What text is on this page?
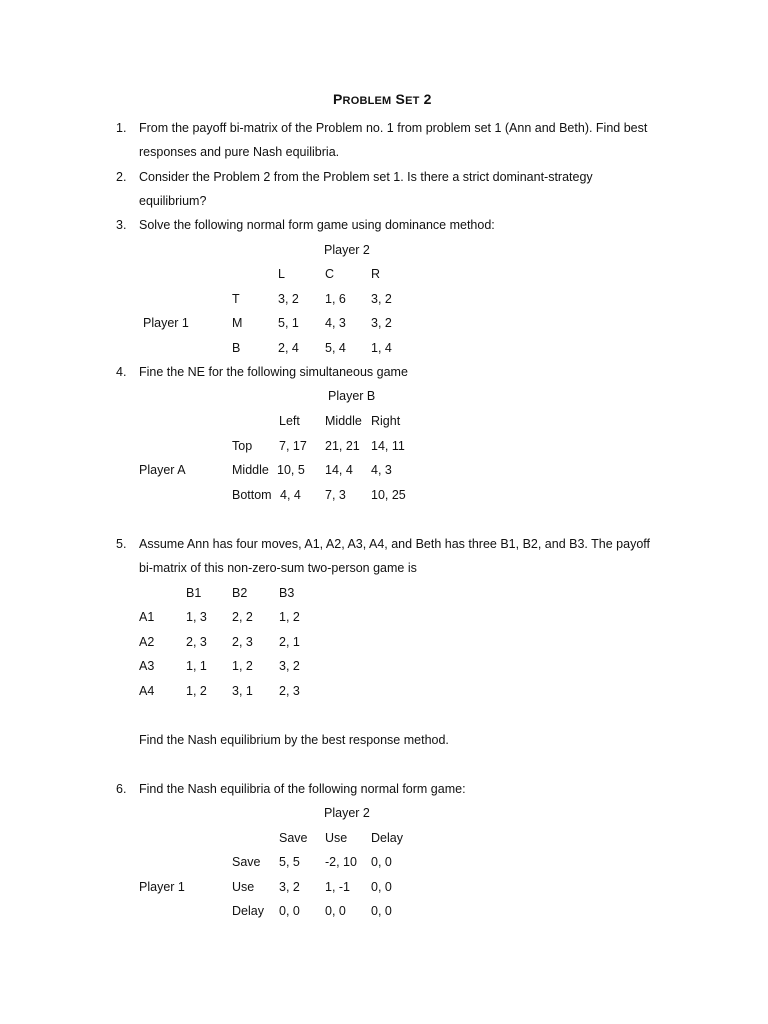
PROBLEM SET 2
1. From the payoff bi-matrix of the Problem no. 1 from problem set 1 (Ann and Beth). Find best
responses and pure Nash equilibria.
2. Consider the Problem 2 from the Problem set 1. Is there a strict dominant-strategy
equilibrium?
3. Solve the following normal form game using dominance method:
Player 2
L	C	R
Player 1
T	3, 2 1, 6 3, 2
M	5, 1 4, 3 3, 2
B	2, 4 5, 4 1, 4
4. Fine the NE for the following simultaneous game
Player B
Left Middle Right
Player A
Top 7, 17 21, 21 14, 11
Middle 10, 5 14, 4 4, 3
Bottom 4, 4 7, 3 10, 25
5. Assume Ann has four moves, A1, A2, A3, A4, and Beth has three B1, B2, and B3. The payoff
bi-matrix of this non-zero-sum two-person game is
B1 B2	B3
A1	1, 3 2, 2 1, 2
A2	2, 3 2, 3 2, 1
A3	1, 1 1, 2 3, 2
A4	1, 2 3, 1 2, 3
Find the Nash equilibrium by the best response method.
6. Find the Nash equilibria of the following normal form game:
Player 2
Save Use Delay
Player 1
Save 5, 5 -2, 10 0, 0
Use 3, 2 1, -1 0, 0
Delay 0, 0 0, 0 0, 0
